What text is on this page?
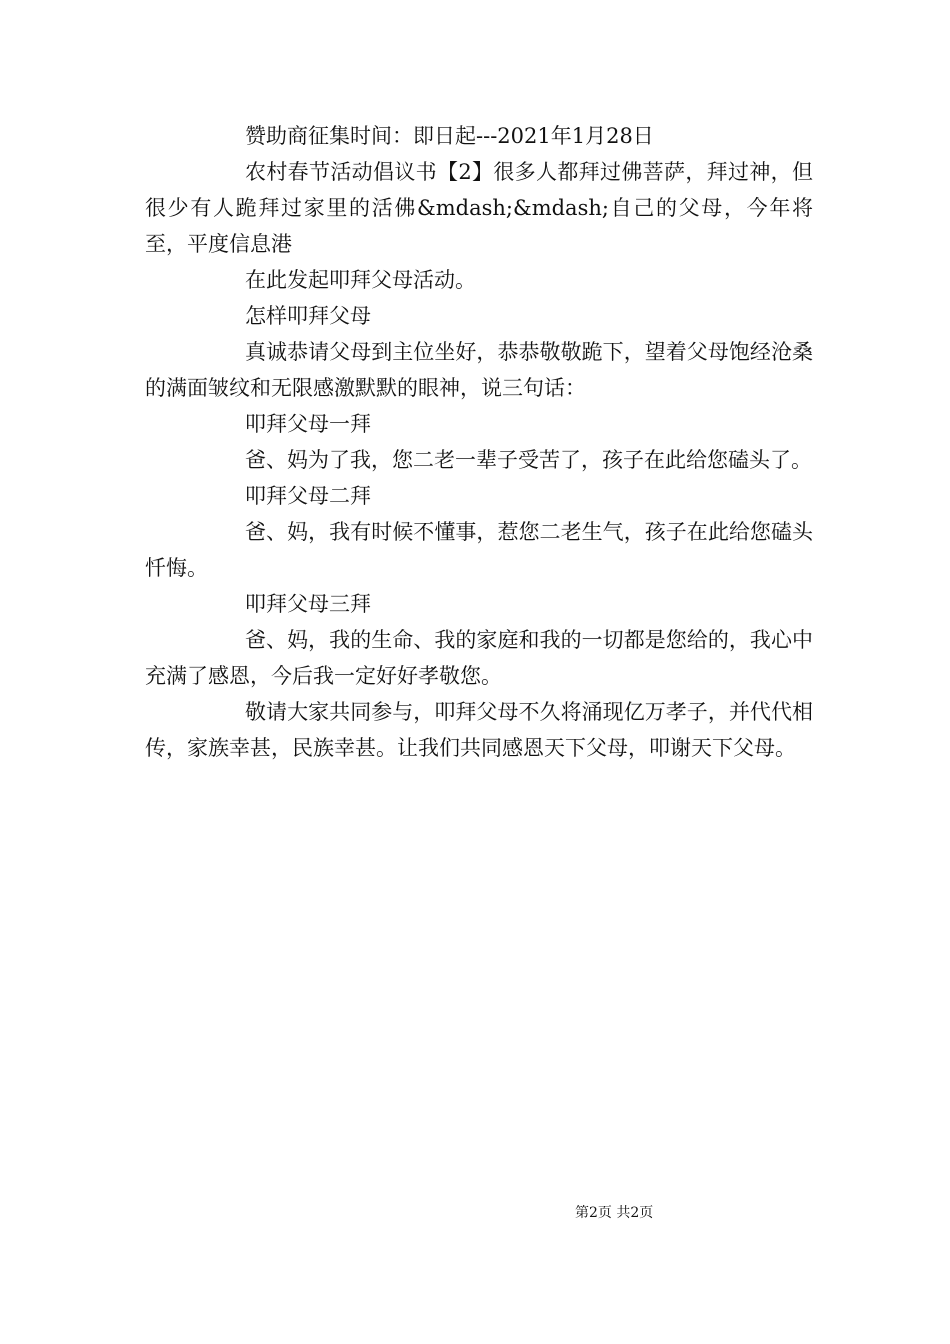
赞助商征集时间：即日起---2021年1月28日

农村春节活动倡议书【2】很多人都拜过佛菩萨，拜过神，但很少有人跪拜过家里的活佛&mdash;&mdash;自己的父母，今年将至，平度信息港

在此发起叩拜父母活动。

怎样叩拜父母

真诚恭请父母到主位坐好，恭恭敬敬跪下，望着父母饱经沧桑的满面皱纹和无限感激默默的眼神，说三句话：

叩拜父母一拜

爸、妈为了我，您二老一辈子受苦了，孩子在此给您磕头了。

叩拜父母二拜

爸、妈，我有时候不懂事，惹您二老生气，孩子在此给您磕头忏悔。

叩拜父母三拜

爸、妈，我的生命、我的家庭和我的一切都是您给的，我心中充满了感恩，今后我一定好好孝敬您。

敬请大家共同参与，叩拜父母不久将涌现亿万孝子，并代代相传，家族幸甚，民族幸甚。让我们共同感恩天下父母，叩谢天下父母。

第2页 共2页
